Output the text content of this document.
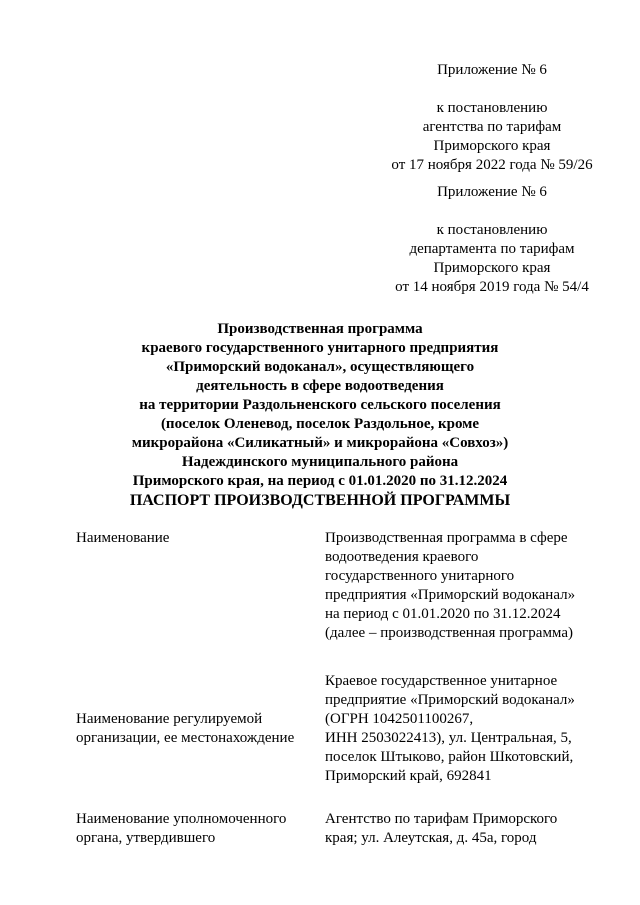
Приложение № 6
к постановлению
агентства по тарифам
Приморского края
от 17 ноября 2022 года № 59/26
Приложение № 6
к постановлению
департамента по тарифам
Приморского края
от 14 ноября 2019 года № 54/4
Производственная программа
краевого государственного унитарного предприятия
«Приморский водоканал», осуществляющего
деятельность в сфере водоотведения
на территории Раздольненского сельского поселения
(поселок Оленевод, поселок Раздольное, кроме
микрорайона «Силикатный» и микрорайона «Совхоз»)
Надеждинского муниципального района
Приморского края, на период с 01.01.2020 по 31.12.2024
ПАСПОРТ ПРОИЗВОДСТВЕННОЙ ПРОГРАММЫ
Наименование	Производственная программа в сфере
водоотведения краевого
государственного унитарного
предприятия «Приморский водоканал»
на период с 01.01.2020 по 31.12.2024
(далее – производственная программа)
Наименование регулируемой
организации, ее местонахождение
Краевое государственное унитарное
предприятие «Приморский водоканал»
(ОГРН 1042501100267,
ИНН 2503022413), ул. Центральная, 5,
поселок Штыково, район Шкотовский,
Приморский край, 692841
Наименование уполномоченного
органа, утвердившего
Агентство по тарифам Приморского
края; ул. Алеутская, д. 45а, город
